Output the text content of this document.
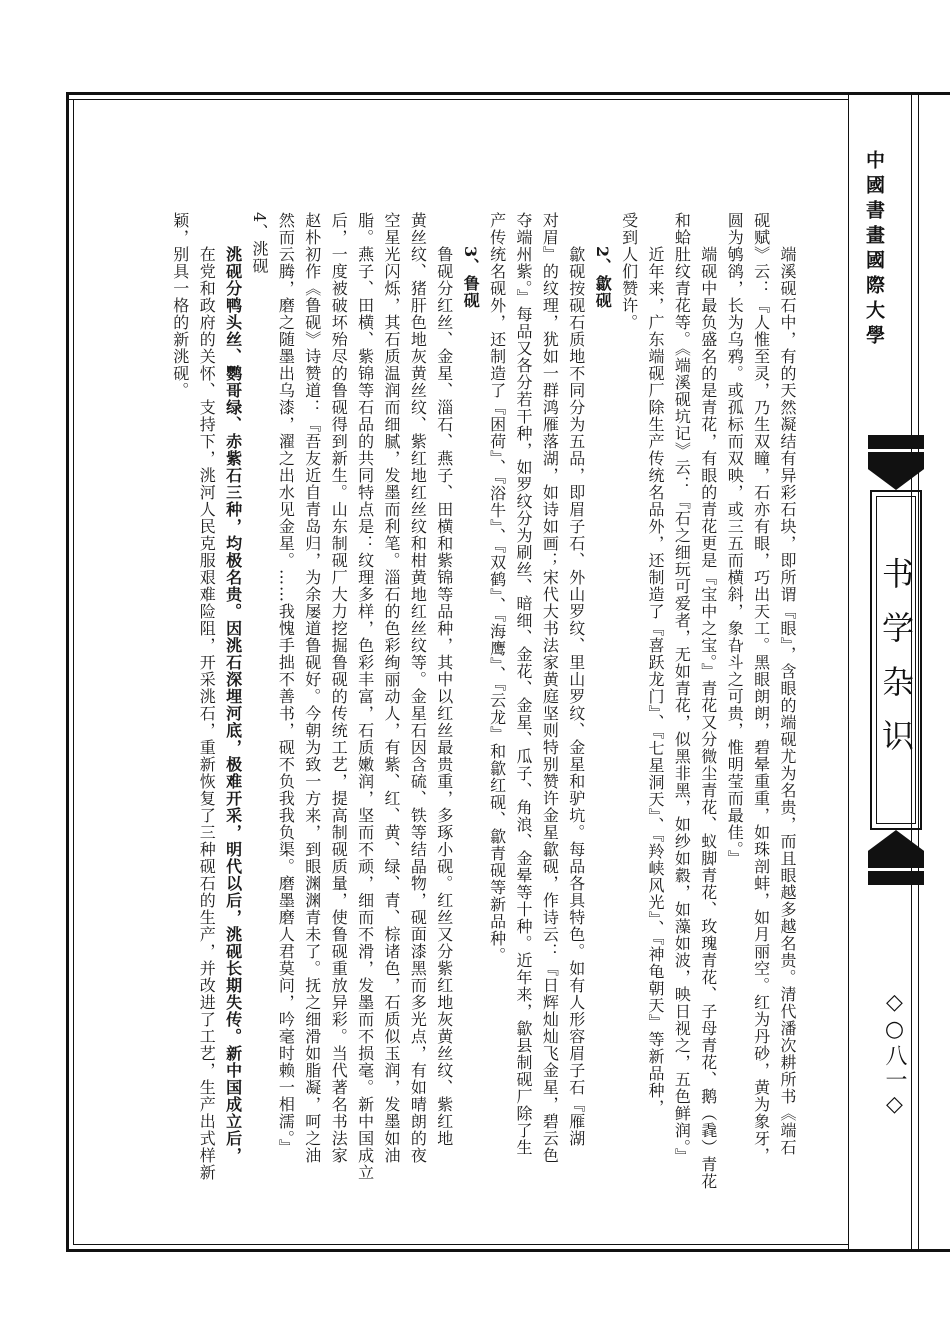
中國書畫國際大學
书学杂识
◇○八一◇
端溪砚石中，有的天然凝结有异彩石块，即所谓『眼』，含眼的端砚尤为名贵，而且眼越多越名贵。清代潘次耕所书《端石
砚赋》云：『人惟至灵，乃生双瞳，石亦有眼，巧出天工。黑眼朗朗，碧晕重重，如珠剖蚌，如月丽空。红为丹砂，黄为象牙，
圆为鸲鹆，长为乌鸦。或孤标而双映，或三五而横斜，象旮斗之可贵，惟明莹而最佳。』
端砚中最负盛名的是青花，有眼的青花更是『宝中之宝。』青花又分微尘青花、蚁脚青花、玫瑰青花、子母青花、鹅（毳）青花
和蛤肚纹青花等。《端溪砚坑记》云：『石之细玩可爱者，无如青花，似黑非黑，如纱如縠，如藻如波，映日视之，五色鲜润。』
近年来，广东端砚厂除生产传统名品外，还制造了『喜跃龙门』、『七星洞天』、『羚峡风光』、『神龟朝天』等新品种，
受到人们赞许。
2、歙砚
歙砚按砚石质地不同分为五品，即眉子石、外山罗纹、里山罗纹、金星和驴坑。每品各具特色。如有人形容眉子石『雁湖
对眉』的纹理，犹如一群鸿雁落湖，如诗如画；宋代大书法家黄庭坚则特别赞许金星歙砚，作诗云：『日辉灿灿飞金星，碧云色
夺端州紫。』每品又各分若干种，如罗纹分为刷丝、暗细、金花、金星、瓜子、角浪、金晕等十种。近年来，歙县制砚厂除了生
产传统名砚外，还制造了『困荷』、『浴牛』、『双鹤』、『海鹰』、『云龙』和歙红砚、歙青砚等新品种。
3、鲁砚
鲁砚分红丝、金星、淄石、燕子、田横和紫锦等品种，其中以红丝最贵重，多琢小砚。红丝又分紫红地灰黄丝纹、紫红地
黄丝纹、猪肝色地灰黄丝纹、紫红地红丝纹和柑黄地红丝纹等。金星石因含硫、铁等结晶物，砚面漆黑而多光点，有如晴朗的夜
空星光闪烁，其石质温润而细腻，发墨而利笔。淄石的色彩绚丽动人，有紫、红、黄、绿、青、棕诸色，石质似玉润，发墨如油
脂。燕子、田横、紫锦等石品的共同特点是：纹理多样，色彩丰富，石质嫩润，坚而不顽，细而不滑，发墨而不损毫。新中国成立
后，一度被破坏殆尽的鲁砚得到新生。山东制砚厂大力挖掘鲁砚的传统工艺，提高制砚质量，使鲁砚重放异彩。当代著名书法家
赵朴初作《鲁砚》诗赞道：『吾友近自青岛归，为余屡道鲁砚好。今朝为致一方来，到眼渊渊青未了。抚之细滑如脂凝，呵之油
然而云腾，磨之随墨出乌漆，濯之出水见金星。……我愧手拙不善书，砚不负我我负渠。磨墨磨人君莫问，吟毫时赖一相濡。』
4、洮砚
洮砚分鸭头丝、鹦哥绿、赤紫石三种，均极名贵。因洮石深埋河底，极难开采，明代以后，洮砚长期失传。新中国成立后，
在党和政府的关怀、支持下，洮河人民克服艰难险阻，开采洮石，重新恢复了三种砚石的生产，并改进了工艺，生产出式样新
颖，别具一格的新洮砚。
